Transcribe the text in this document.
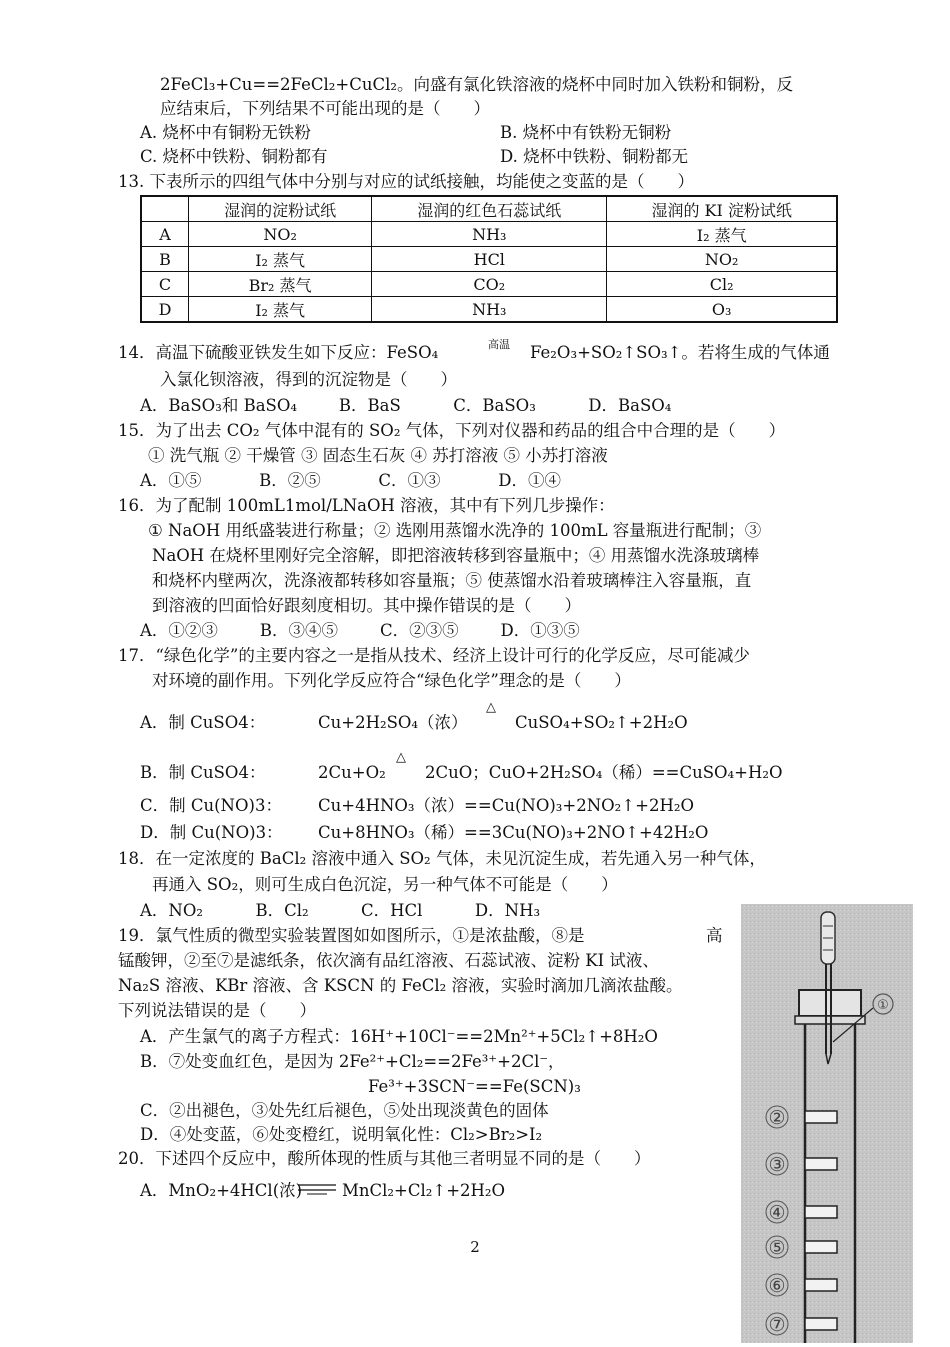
2FeCl₃+Cu==2FeCl₂+CuCl₂。向盛有氯化铁溶液的烧杯中同时加入铁粉和铜粉，反
应结束后，下列结果不可能出现的是（　　）
A. 烧杯中有铜粉无铁粉	B. 烧杯中有铁粉无铜粉
C. 烧杯中铁粉、铜粉都有	D. 烧杯中铁粉、铜粉都无
13. 下表所示的四组气体中分别与对应的试纸接触，均能使之变蓝的是（　　）
	湿润的淀粉试纸	湿润的红色石蕊试纸	湿润的 KI 淀粉试纸
A	NO₂	NH₃	I₂ 蒸气
B	I₂ 蒸气	HCl	NO₂
C	Br₂ 蒸气	CO₂	Cl₂
D	I₂ 蒸气	NH₃	O₃
14．高温下硫酸亚铁发生如下反应：FeSO₄	高温 Fe₂O₃+SO₂↑SO₃↑。若将生成的气体通
入氯化钡溶液，得到的沉淀物是（　　）
A．BaSO₃和 BaSO₄        B．BaS          C．BaSO₃          D．BaSO₄
15．为了出去 CO₂ 气体中混有的 SO₂ 气体，下列对仪器和药品的组合中合理的是（　　）
① 洗气瓶 ② 干燥管 ③ 固态生石灰 ④ 苏打溶液 ⑤ 小苏打溶液
A．①⑤           B．②⑤           C．①③           D．①④
16．为了配制 100mL1mol/LNaOH 溶液，其中有下列几步操作：
① NaOH 用纸盛装进行称量；② 选刚用蒸馏水洗净的 100mL 容量瓶进行配制；③
NaOH 在烧杯里刚好完全溶解，即把溶液转移到容量瓶中；④ 用蒸馏水洗涤玻璃棒
和烧杯内壁两次，洗涤液都转移如容量瓶；⑤ 使蒸馏水沿着玻璃棒注入容量瓶，直
到溶液的凹面恰好跟刻度相切。其中操作错误的是（　　）
A．①②③        B．③④⑤        C．②③⑤        D．①③⑤
17．“绿色化学”的主要内容之一是指从技术、经济上设计可行的化学反应，尽可能减少
对环境的副作用。下列化学反应符合“绿色化学”理念的是（　　）
A．制 CuSO4：	Cu+2H₂SO₄（浓）
△
CuSO₄+SO₂↑+2H₂O
B．制 CuSO4：	2Cu+O₂
△
2CuO；CuO+2H₂SO₄（稀）==CuSO₄+H₂O
C．制 Cu(NO)3： Cu+4HNO₃（浓）==Cu(NO)₃+2NO₂↑+2H₂O
D．制 Cu(NO)3： Cu+8HNO₃（稀）==3Cu(NO)₃+2NO↑+42H₂O
18．在一定浓度的 BaCl₂ 溶液中通入 SO₂ 气体，未见沉淀生成，若先通入另一种气体，
再通入 SO₂，则可生成白色沉淀，另一种气体不可能是（　　）
A．NO₂          B．Cl₂          C．HCl          D．NH₃
19．氯气性质的微型实验装置图如如图所示，①是浓盐酸，⑧是	高
锰酸钾，②至⑦是滤纸条，依次滴有品红溶液、石蕊试液、淀粉 KI 试液、
Na₂S 溶液、KBr 溶液、含 KSCN 的 FeCl₂ 溶液，实验时滴加几滴浓盐酸。
下列说法错误的是（　　）
A．产生氯气的离子方程式：16H⁺+10Cl⁻==2Mn²⁺+5Cl₂↑+8H₂O
B．⑦处变血红色，是因为 2Fe²⁺+Cl₂==2Fe³⁺+2Cl⁻，
Fe³⁺+3SCN⁻==Fe(SCN)₃
C．②出褪色，③处先红后褪色，⑤处出现淡黄色的固体
D．④处变蓝，⑥处变橙红，说明氧化性：Cl₂>Br₂>I₂
20．下述四个反应中，酸所体现的性质与其他三者明显不同的是（　　）
A．MnO₂+4HCl(浓) MnCl₂+Cl₂↑+2H₂O
2
①
②
③
④
⑤
⑥
⑦
